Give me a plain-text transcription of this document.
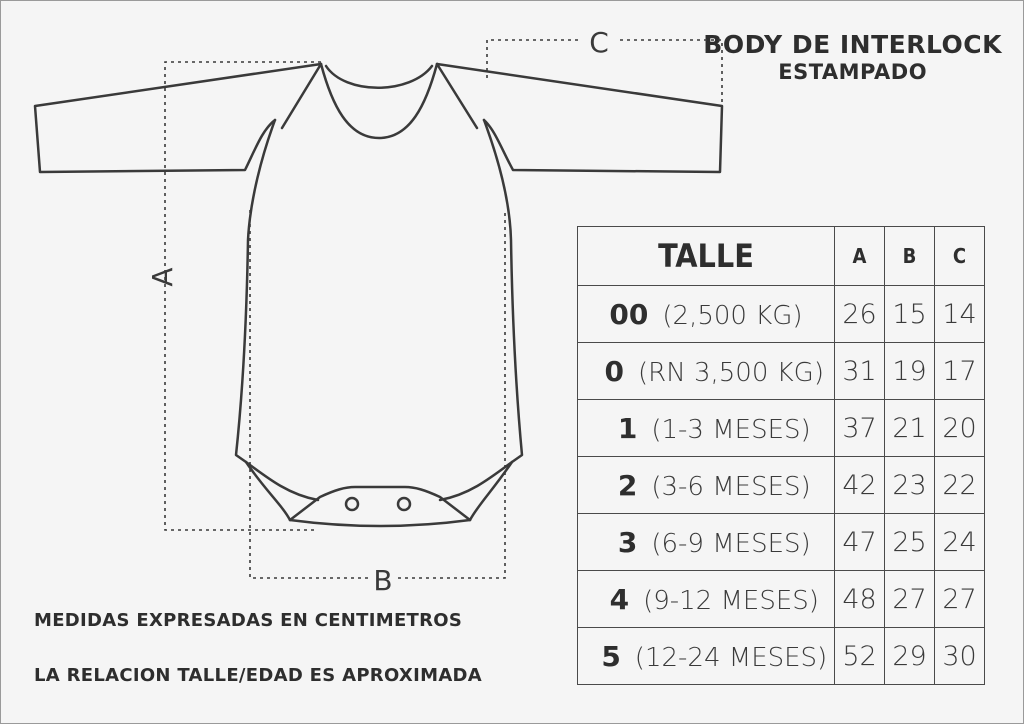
BODY DE INTERLOCK
ESTAMPADO
A
B
C
TALLE	A	B	C
00 (2,500 KG)	26	15	14
0 (RN 3,500 KG)	31	19	17
1 (1-3 MESES)	37	21	20
2 (3-6 MESES)	42	23	22
3 (6-9 MESES)	47	25	24
4 (9-12 MESES)	48	27	27
5 (12-24 MESES)	52	29	30
MEDIDAS EXPRESADAS EN CENTIMETROS
LA RELACION TALLE/EDAD ES APROXIMADA
